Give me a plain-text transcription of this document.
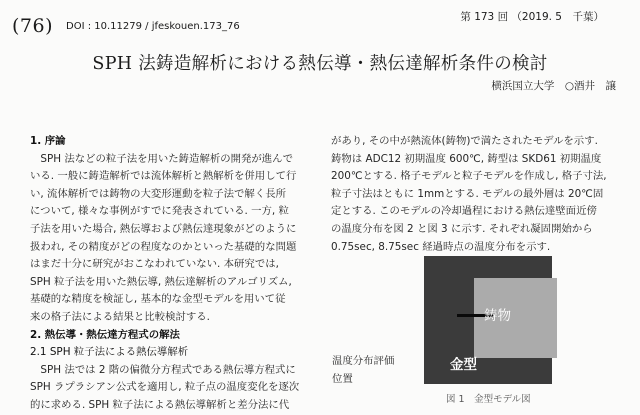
(76) DOI : 10.11279 / jfeskouen.173_76
第 173 回 （2019. 5　千葉）
SPH 法鋳造解析における熱伝導・熱伝達解析条件の検討
横浜国立大学　○酒井　譲
1. 序論
　SPH 法などの粒子法を用いた鋳造解析の開発が進んで
いる. 一般に鋳造解析では流体解析と熱解析を併用して行
い, 流体解析では鋳物の大変形運動を粒子法で解く長所
について, 様々な事例がすでに発表されている. 一方, 粒
子法を用いた場合, 熱伝導および熱伝達現象がどのように
扱われ, その精度がどの程度なのかといった基礎的な問題
はまだ十分に研究がおこなわれていない. 本研究では,
SPH 粒子法を用いた熱伝導, 熱伝達解析のアルゴリズム,
基礎的な精度を検証し, 基本的な金型モデルを用いて従
来の格子法による結果と比較検討する.
2. 熱伝導・熱伝達方程式の解法
2.1 SPH 粒子法による熱伝導解析
　SPH 法では 2 階の偏微分方程式である熱伝導方程式に
SPH ラプラシアン公式を適用し, 粒子点の温度変化を逐次
的に求める. SPH 粒子法による熱伝導解析と差分法に代
があり, その中が熱流体(鋳物)で満たされたモデルを示す.
鋳物は ADC12 初期温度 600℃, 鋳型は SKD61 初期温度
200℃とする. 格子モデルと粒子モデルを作成し, 格子寸法,
粒子寸法はともに 1mmとする. モデルの最外層は 20℃固
定とする. このモデルの冷却過程における熱伝達壁面近傍
の温度分布を図 2 と図 3 に示す. それぞれ凝固開始から
0.75sec, 8.75sec 経過時点の温度分布を示す.
鋳物
金型
温度分布評価
位置
図 1　金型モデル図
